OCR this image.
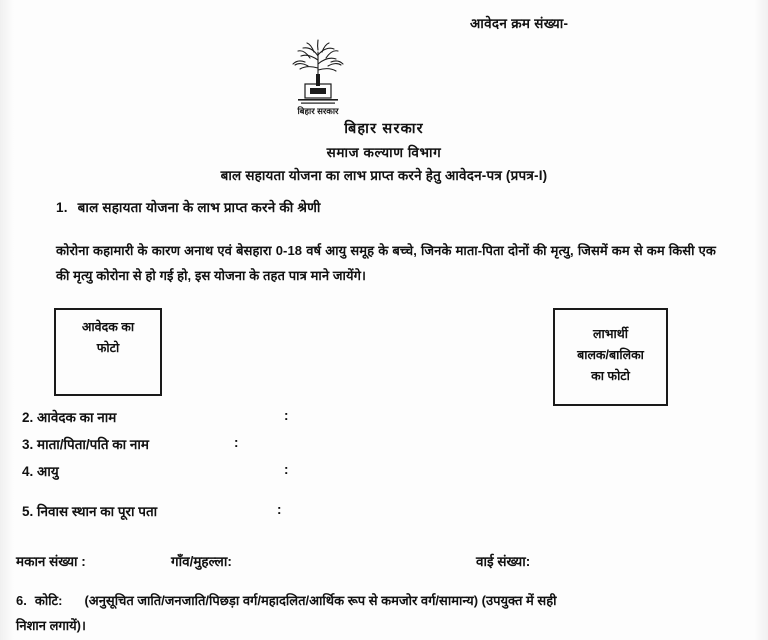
आवेदन क्रम संख्या-
बिहार सरकार
बिहार सरकार
समाज कल्याण विभाग
बाल सहायता योजना का लाभ प्राप्त करने हेतु आवेदन-पत्र (प्रपत्र-I)
1. बाल सहायता योजना के लाभ प्राप्त करने की श्रेणी
कोरोना कहामारी के कारण अनाथ एवं बेसहारा 0-18 वर्ष आयु समूह के बच्चे, जिनके माता-पिता दोनों की मृत्यु, जिसमें कम से कम किसी एक की मृत्यु कोरोना से हो गई हो, इस योजना के तहत पात्र माने जायेंगे।
आवेदक का
फोटो
लाभार्थी
बालक/बालिका
का फोटो
2. आवेदक का नाम	:
3. माता/पिता/पति का नाम	:
4. आयु	:
5. निवास स्थान का पूरा पता	:
मकान संख्या :	गाँव/मुहल्ला:	वाई संख्या:
6. कोटि: (अनुसूचित जाति/जनजाति/पिछड़ा वर्ग/महादलित/आर्थिक रूप से कमजोर वर्ग/सामान्य) (उपयुक्त में सही
निशान लगायें)।
